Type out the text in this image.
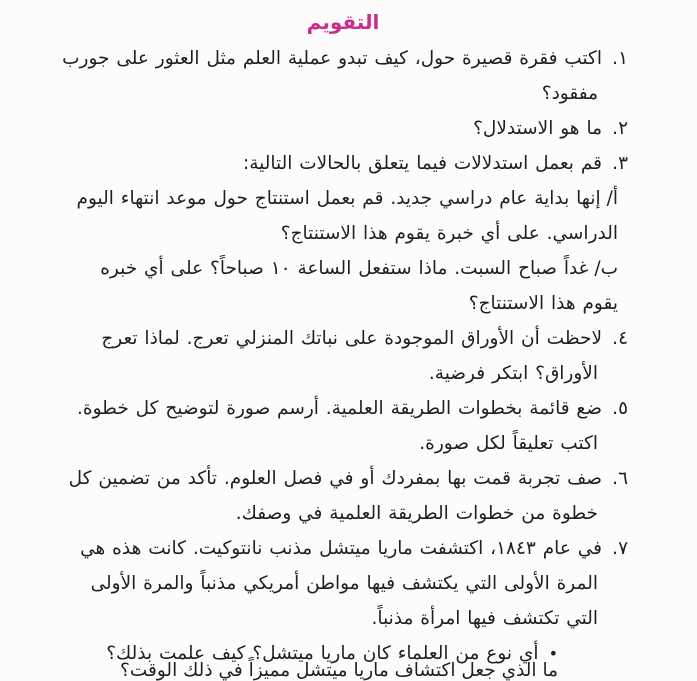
التقويم
١.اكتب فقرة قصيرة حول، كيف تبدو عملية العلم مثل العثور على جورب مفقود؟
٢.ما هو الاستدلال؟
٣.قم بعمل استدلالات فيما يتعلق بالحالات التالية:
أ/إنها بداية عام دراسي جديد. قم بعمل استنتاج حول موعد انتهاء اليوم الدراسي. على أي خبرة يقوم هذا الاستنتاج؟
ب/غداً صباح السبت. ماذا ستفعل الساعة ١٠ صباحاً؟ على أي خبره يقوم هذا الاستنتاج؟
٤.لاحظت أن الأوراق الموجودة على نباتك المنزلي تعرج. لماذا تعرج الأوراق؟ ابتكر فرضية.
٥.ضع قائمة بخطوات الطريقة العلمية. أرسم صورة لتوضيح كل خطوة. اكتب تعليقاً لكل صورة.
٦.صف تجربة قمت بها بمفردك أو في فصل العلوم. تأكد من تضمين كل خطوة من خطوات الطريقة العلمية في وصفك.
٧.في عام ١٨٤٣، اكتشفت ماريا ميتشل مذنب نانتوكيت. كانت هذه هي المرة الأولى التي يكتشف فيها مواطن أمريكي مذنباً والمرة الأولى التي تكتشف فيها امرأة مذنباً.
•أي نوع من العلماء كان ماريا ميتشل؟ كيف علمت بذلك؟
ما الذي جعل اكتشاف ماريا ميتشل مميزاً في ذلك الوقت؟
